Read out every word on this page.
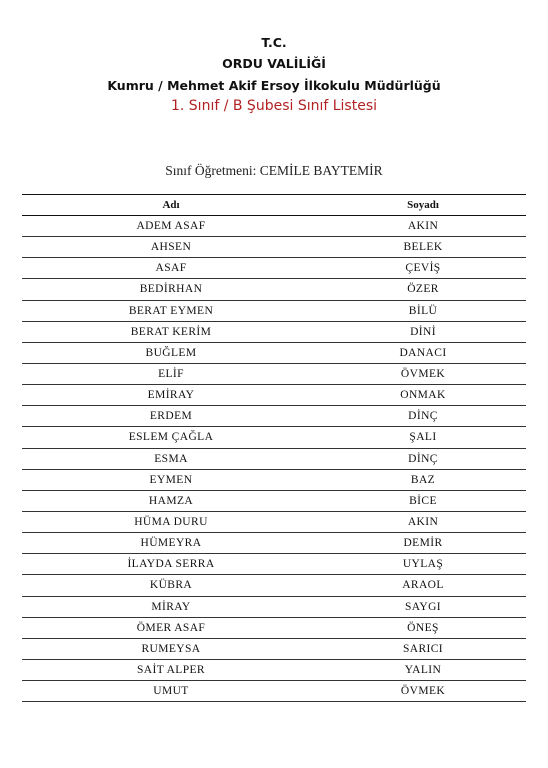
T.C.
ORDU VALİLİĞİ
Kumru / Mehmet Akif Ersoy İlkokulu Müdürlüğü
1. Sınıf / B Şubesi Sınıf Listesi
Sınıf Öğretmeni: CEMİLE BAYTEMİR
Adı	Soyadı
ADEM ASAF	AKIN
AHSEN	BELEK
ASAF	ÇEVİŞ
BEDİRHAN	ÖZER
BERAT EYMEN	BİLÜ
BERAT KERİM	DİNİ
BUĞLEM	DANACI
ELİF	ÖVMEK
EMİRAY	ONMAK
ERDEM	DİNÇ
ESLEM ÇAĞLA	ŞALI
ESMA	DİNÇ
EYMEN	BAZ
HAMZA	BİCE
HÜMA DURU	AKIN
HÜMEYRA	DEMİR
İLAYDA SERRA	UYLAŞ
KÜBRA	ARAOL
MİRAY	SAYGI
ÖMER ASAF	ÖNEŞ
RUMEYSA	SARICI
SAİT ALPER	YALIN
UMUT	ÖVMEK
